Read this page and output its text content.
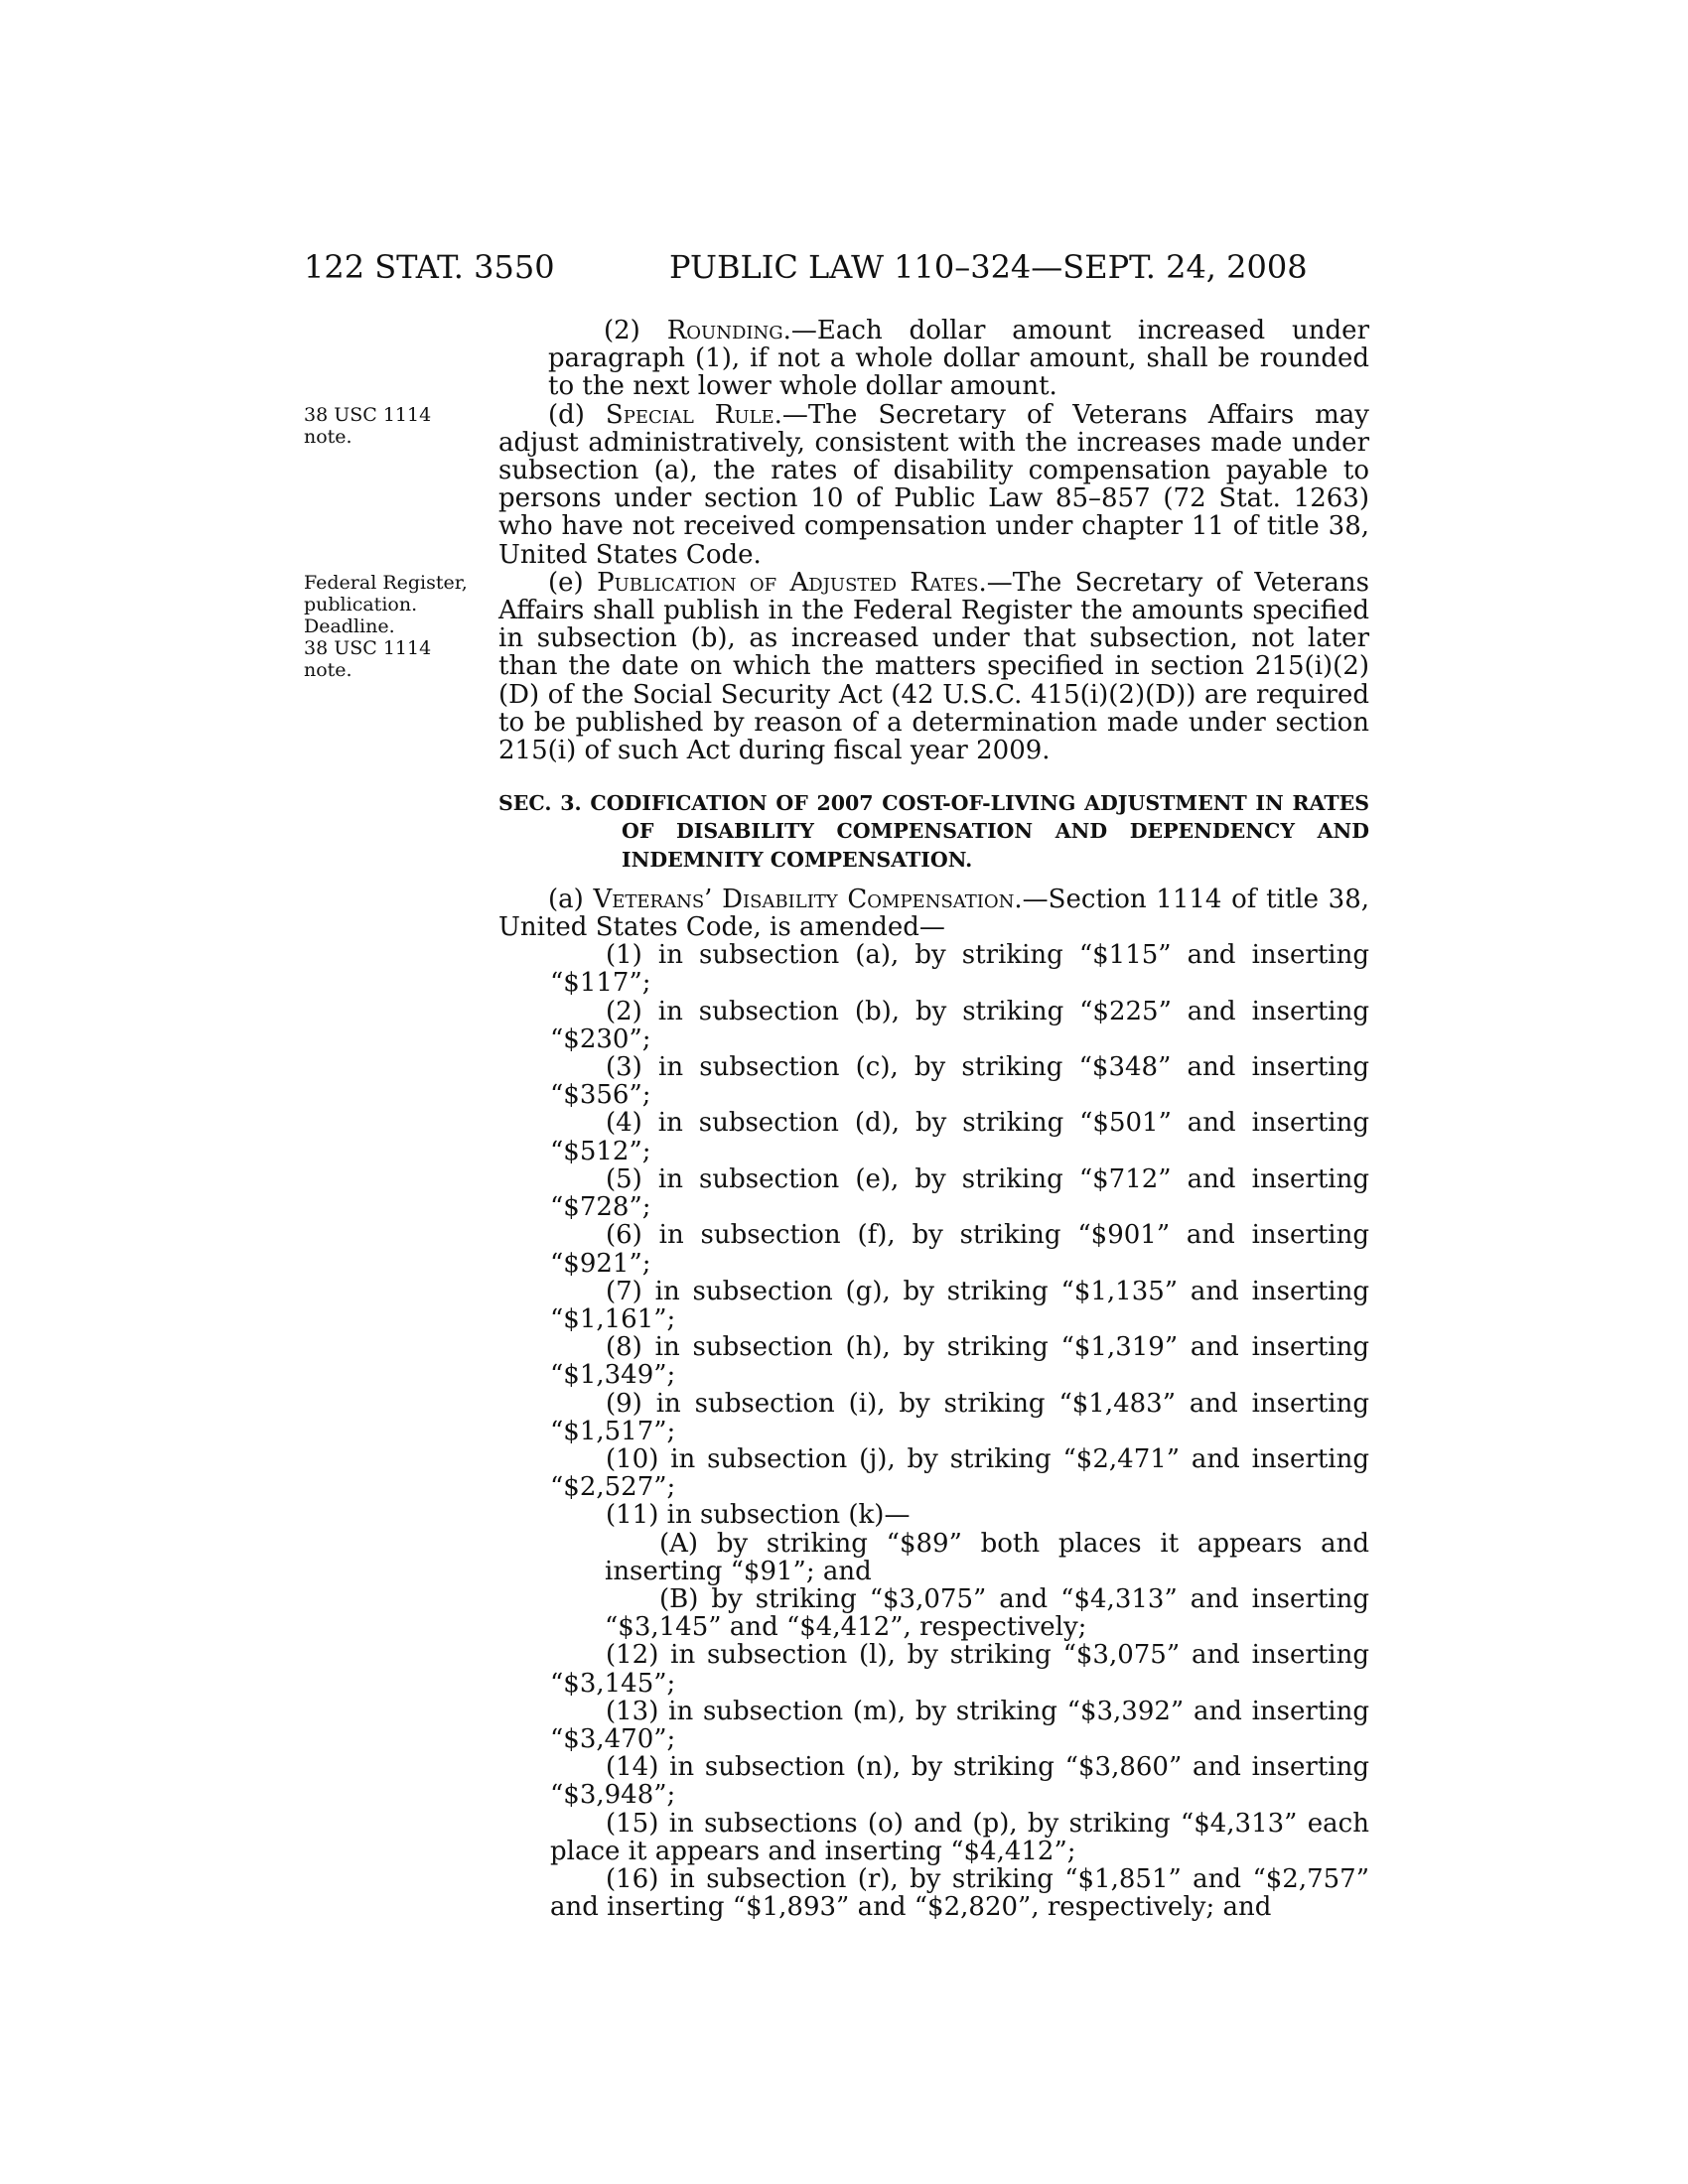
122 STAT. 3550	PUBLIC LAW 110–324—SEPT. 24, 2008
38 USC 1114
note.
Federal Register,
publication.
Deadline.
38 USC 1114
note.

(2) Rounding.—Each dollar amount increased under paragraph (1), if not a whole dollar amount, shall be rounded to the next lower whole dollar amount.

(d) Special Rule.—The Secretary of Veterans Affairs may adjust administratively, consistent with the increases made under subsection (a), the rates of disability compensation payable to persons under section 10 of Public Law 85–857 (72 Stat. 1263) who have not received compensation under chapter 11 of title 38, United States Code.

(e) Publication of Adjusted Rates.—The Secretary of Veterans Affairs shall publish in the Federal Register the amounts specified in subsection (b), as increased under that subsection, not later than the date on which the matters specified in section 215(i)(2)(D) of the Social Security Act (42 U.S.C. 415(i)(2)(D)) are required to be published by reason of a determination made under section 215(i) of such Act during fiscal year 2009.

SEC. 3. CODIFICATION OF 2007 COST-OF-LIVING ADJUSTMENT IN RATES OF DISABILITY COMPENSATION AND DEPENDENCY AND INDEMNITY COMPENSATION.

(a) Veterans’ Disability Compensation.—Section 1114 of title 38, United States Code, is amended—

(1) in subsection (a), by striking “$115” and inserting “$117”;

(2) in subsection (b), by striking “$225” and inserting “$230”;

(3) in subsection (c), by striking “$348” and inserting “$356”;

(4) in subsection (d), by striking “$501” and inserting “$512”;

(5) in subsection (e), by striking “$712” and inserting “$728”;

(6) in subsection (f), by striking “$901” and inserting “$921”;

(7) in subsection (g), by striking “$1,135” and inserting “$1,161”;

(8) in subsection (h), by striking “$1,319” and inserting “$1,349”;

(9) in subsection (i), by striking “$1,483” and inserting “$1,517”;

(10) in subsection (j), by striking “$2,471” and inserting “$2,527”;

(11) in subsection (k)—

(A) by striking “$89” both places it appears and inserting “$91”; and

(B) by striking “$3,075” and “$4,313” and inserting “$3,145” and “$4,412”, respectively;

(12) in subsection (l), by striking “$3,075” and inserting “$3,145”;

(13) in subsection (m), by striking “$3,392” and inserting “$3,470”;

(14) in subsection (n), by striking “$3,860” and inserting “$3,948”;

(15) in subsections (o) and (p), by striking “$4,313” each place it appears and inserting “$4,412”;

(16) in subsection (r), by striking “$1,851” and “$2,757” and inserting “$1,893” and “$2,820”, respectively; and
